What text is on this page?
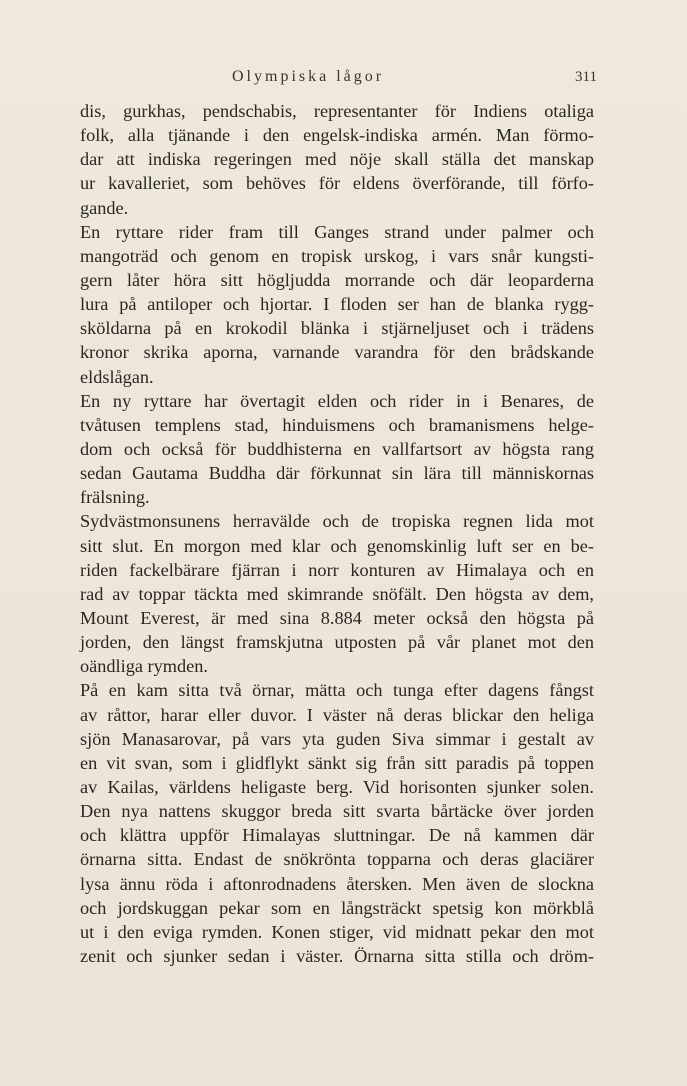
Olympiska lågor	311
dis, gurkhas, pendschabis, representanter för Indiens otaliga
folk, alla tjänande i den engelsk-indiska armén. Man förmo-
dar att indiska regeringen med nöje skall ställa det manskap
ur kavalleriet, som behöves för eldens överförande, till förfo-
gande.
En ryttare rider fram till Ganges strand under palmer och
mangoträd och genom en tropisk urskog, i vars snår kungsti-
gern låter höra sitt högljudda morrande och där leoparderna
lura på antiloper och hjortar. I floden ser han de blanka rygg-
sköldarna på en krokodil blänka i stjärneljuset och i trädens
kronor skrika aporna, varnande varandra för den brådskande
eldslågan.
En ny ryttare har övertagit elden och rider in i Benares, de
tvåtusen templens stad, hinduismens och bramanismens helge-
dom och också för buddhisterna en vallfartsort av högsta rang
sedan Gautama Buddha där förkunnat sin lära till människornas
frälsning.
Sydvästmonsunens herravälde och de tropiska regnen lida mot
sitt slut. En morgon med klar och genomskinlig luft ser en be-
riden fackelbärare fjärran i norr konturen av Himalaya och en
rad av toppar täckta med skimrande snöfält. Den högsta av dem,
Mount Everest, är med sina 8.884 meter också den högsta på
jorden, den längst framskjutna utposten på vår planet mot den
oändliga rymden.
På en kam sitta två örnar, mätta och tunga efter dagens fångst
av råttor, harar eller duvor. I väster nå deras blickar den heliga
sjön Manasarovar, på vars yta guden Siva simmar i gestalt av
en vit svan, som i glidflykt sänkt sig från sitt paradis på toppen
av Kailas, världens heligaste berg. Vid horisonten sjunker solen.
Den nya nattens skuggor breda sitt svarta bårtäcke över jorden
och klättra uppför Himalayas sluttningar. De nå kammen där
örnarna sitta. Endast de snökrönta topparna och deras glaciärer
lysa ännu röda i aftonrodnadens återsken. Men även de slockna
och jordskuggan pekar som en långsträckt spetsig kon mörkblå
ut i den eviga rymden. Konen stiger, vid midnatt pekar den mot
zenit och sjunker sedan i väster. Örnarna sitta stilla och dröm-
